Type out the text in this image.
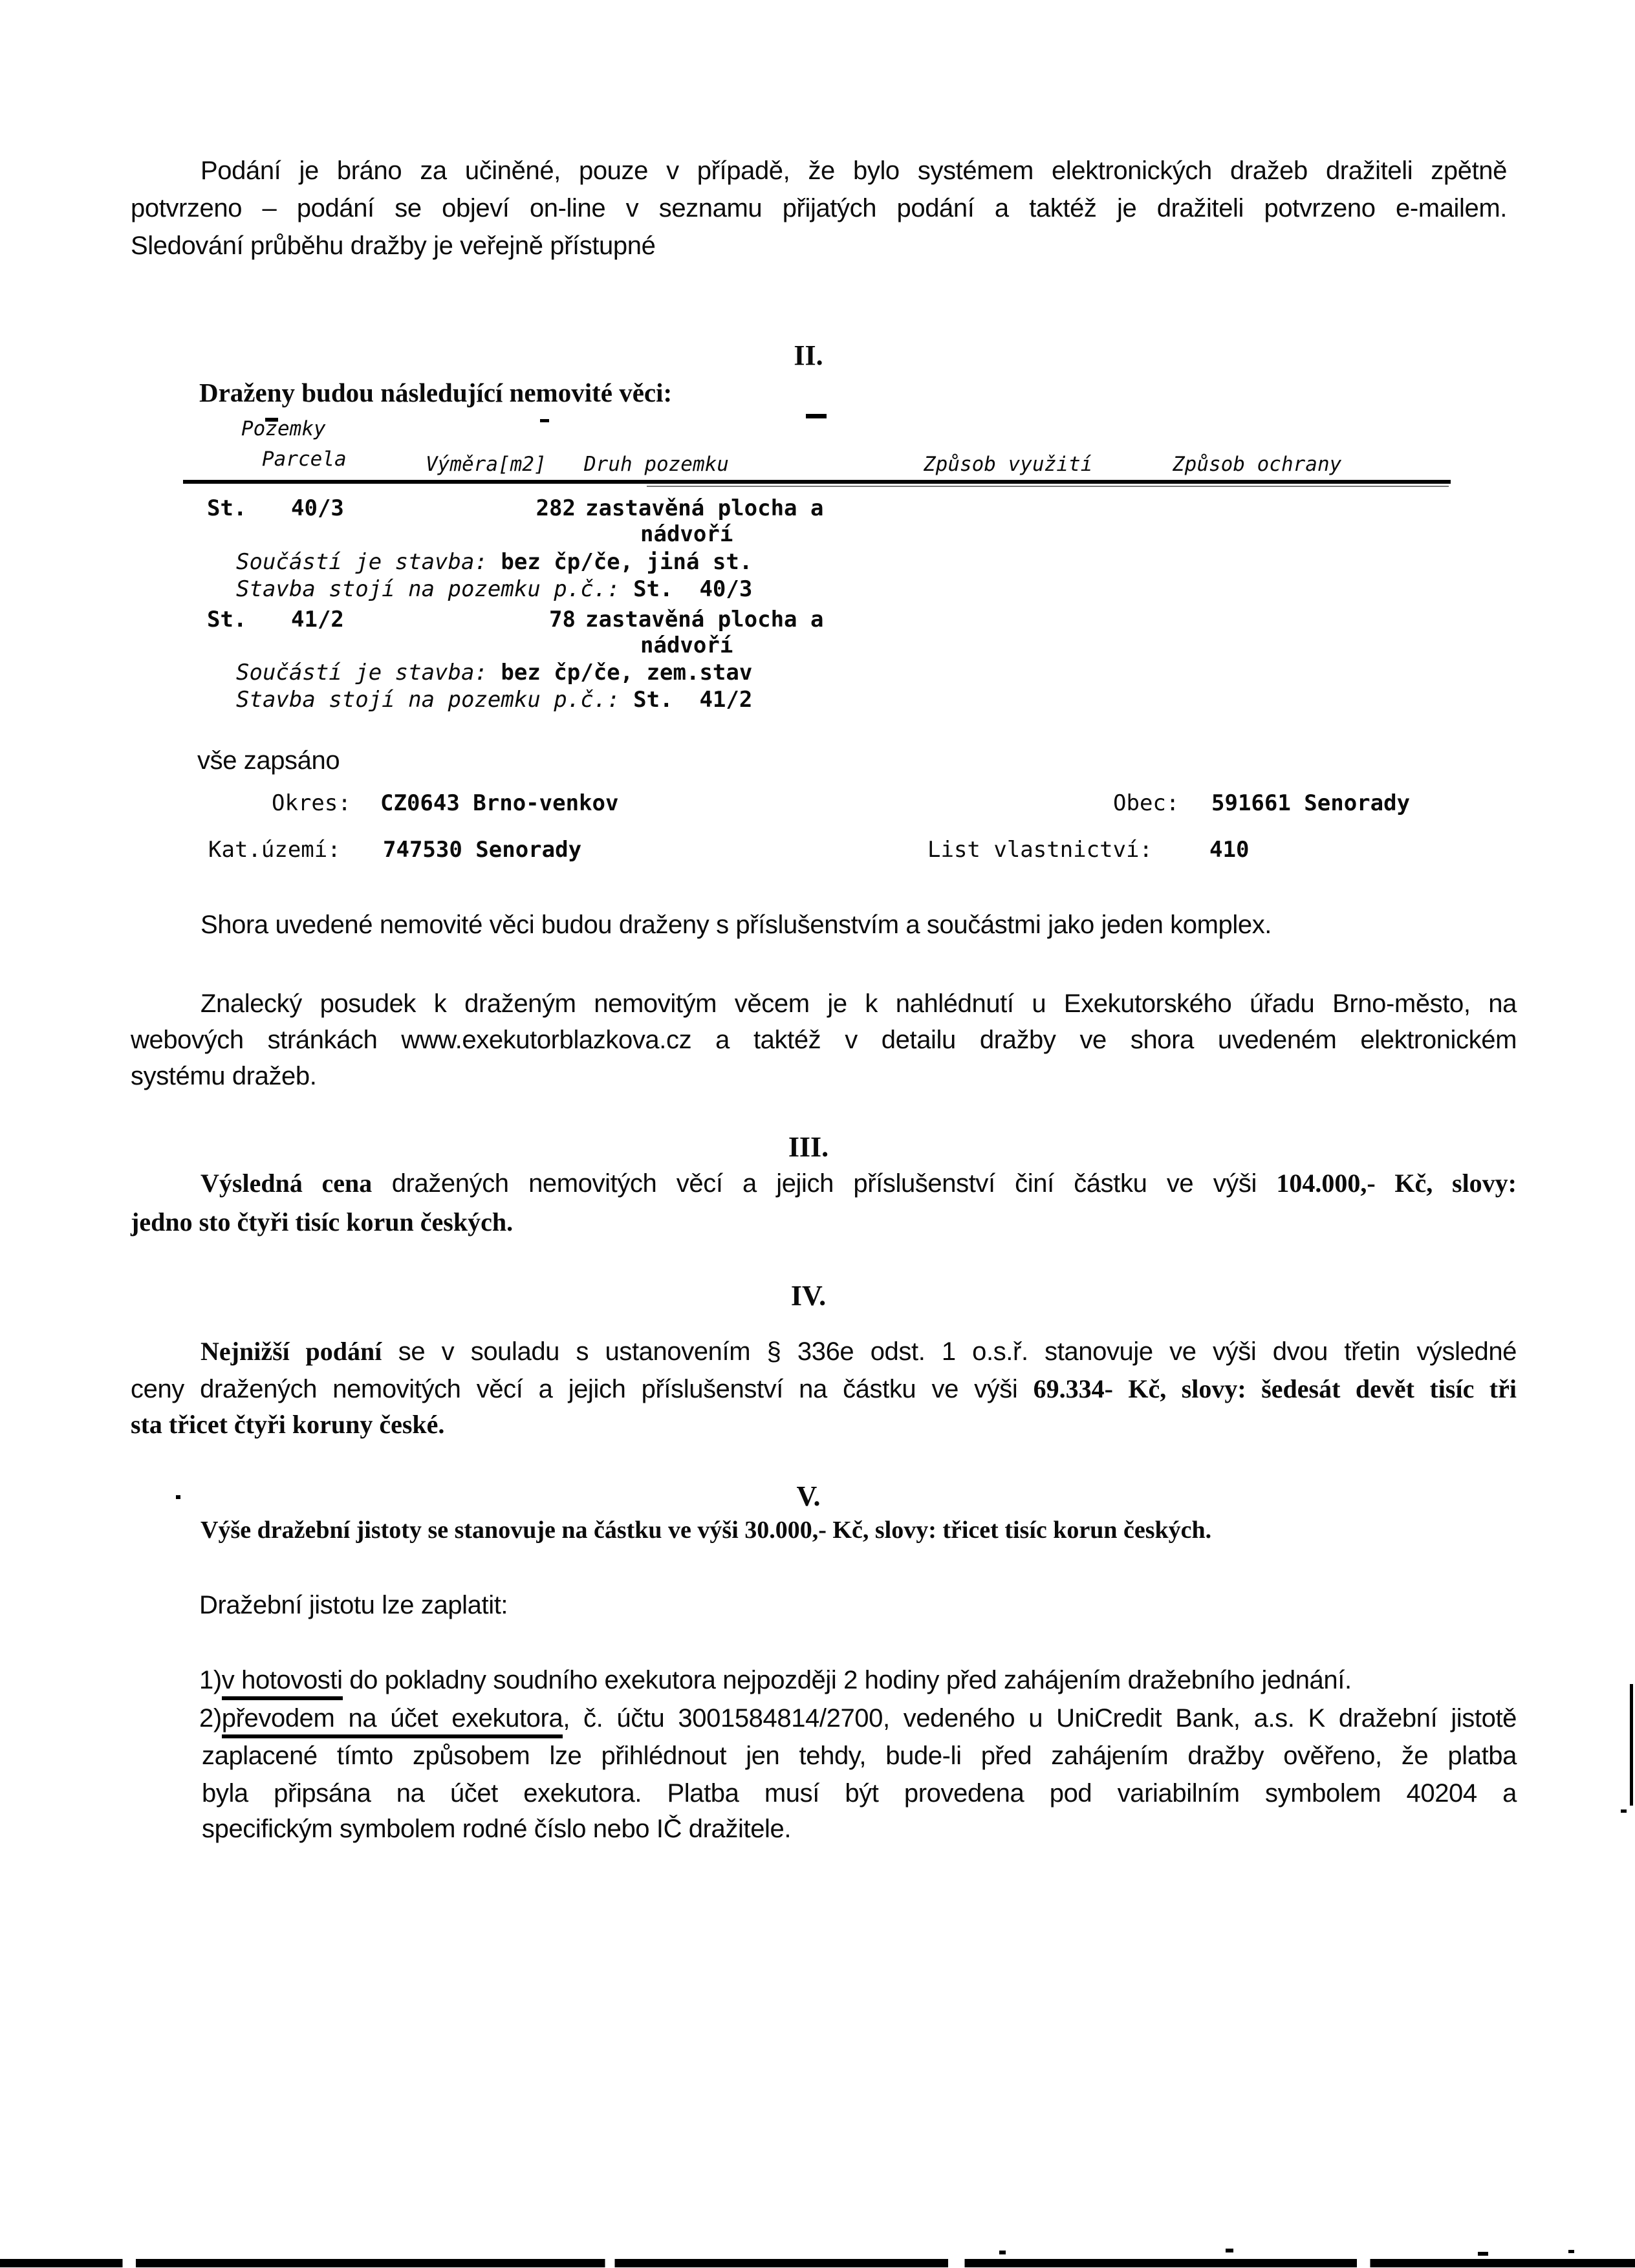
Podání je bráno za učiněné, pouze v případě, že bylo systémem elektronických dražeb dražiteli zpětně
potvrzeno – podání se objeví on-line v seznamu přijatých podání a taktéž je dražiteli potvrzeno e-mailem.
Sledování průběhu dražby je veřejně přístupné
II.
Draženy budou následující nemovité věci:
Pozemky
Parcela	Výměra[m2] Druh pozemku	Způsob využití	Způsob ochrany
St. 40/3	282 zastavěná plocha a
nádvoří
Součástí je stavba: bez čp/če, jiná st.
Stavba stojí na pozemku p.č.: St.  40/3
St. 41/2	78 zastavěná plocha a
nádvoří
Součástí je stavba: bez čp/če, zem.stav
Stavba stojí na pozemku p.č.: St.  41/2
vše zapsáno
Okres: CZ0643 Brno-venkov	Obec: 591661 Senorady
Kat.území: 747530 Senorady	List vlastnictví:	410
Shora uvedené nemovité věci budou draženy s příslušenstvím a součástmi jako jeden komplex.
Znalecký posudek k draženým nemovitým věcem je k nahlédnutí u Exekutorského úřadu Brno-město, na
webových stránkách www.exekutorblazkova.cz a taktéž v detailu dražby ve shora uvedeném elektronickém
systému dražeb.
III.
Výsledná cena dražených nemovitých věcí a jejich příslušenství činí částku ve výši 104.000,- Kč, slovy:
jedno sto čtyři tisíc korun českých.
IV.
Nejnižší podání se v souladu s ustanovením § 336e odst. 1 o.s.ř. stanovuje ve výši dvou třetin výsledné
ceny dražených nemovitých věcí a jejich příslušenství na částku ve výši 69.334- Kč, slovy: šedesát devět tisíc tři
sta třicet čtyři koruny české.
V.
Výše dražební jistoty se stanovuje na částku ve výši 30.000,- Kč, slovy: třicet tisíc korun českých.
Dražební jistotu lze zaplatit:
1)v hotovosti do pokladny soudního exekutora nejpozději 2 hodiny před zahájením dražebního jednání.
2)převodem na účet exekutora, č. účtu 3001584814/2700, vedeného u UniCredit Bank, a.s. K dražební jistotě
zaplacené tímto způsobem lze přihlédnout jen tehdy, bude-li před zahájením dražby ověřeno, že platba
byla připsána na účet exekutora. Platba musí být provedena pod variabilním symbolem 40204 a
specifickým symbolem rodné číslo nebo IČ dražitele.
